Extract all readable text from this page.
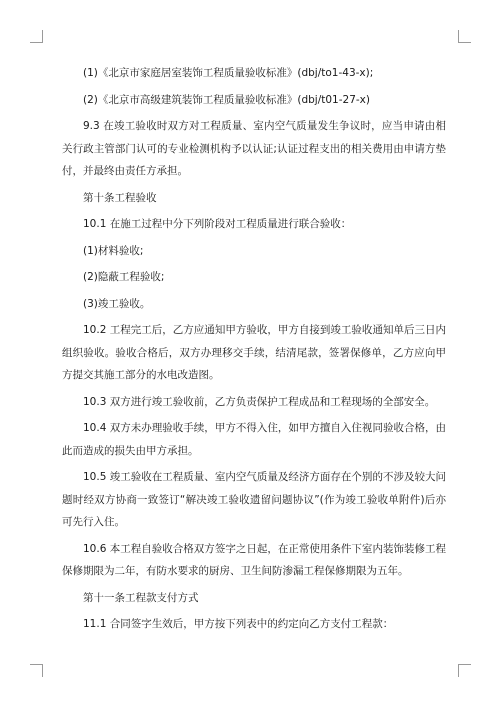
(1)《北京市家庭居室装饰工程质量验收标准》(dbj/to1-43-x);

(2)《北京市高级建筑装饰工程质量验收标准》(dbj/t01-27-x)

9.3 在竣工验收时双方对工程质量、室内空气质量发生争议时，应当申请由相关行政主管部门认可的专业检测机构予以认证;认证过程支出的相关费用由申请方垫付，并最终由责任方承担。

第十条工程验收

10.1 在施工过程中分下列阶段对工程质量进行联合验收：

(1)材料验收;

(2)隐蔽工程验收;

(3)竣工验收。

10.2 工程完工后，乙方应通知甲方验收，甲方自接到竣工验收通知单后三日内组织验收。验收合格后，双方办理移交手续，结清尾款，签署保修单，乙方应向甲方提交其施工部分的水电改造图。

10.3 双方进行竣工验收前，乙方负责保护工程成品和工程现场的全部安全。

10.4 双方未办理验收手续，甲方不得入住，如甲方擅自入住视同验收合格，由此而造成的损失由甲方承担。

10.5 竣工验收在工程质量、室内空气质量及经济方面存在个别的不涉及较大问题时经双方协商一致签订“解决竣工验收遗留问题协议”(作为竣工验收单附件)后亦可先行入住。

10.6 本工程自验收合格双方签字之日起，在正常使用条件下室内装饰装修工程保修期限为二年，有防水要求的厨房、卫生间防渗漏工程保修期限为五年。

第十一条工程款支付方式

11.1 合同签字生效后，甲方按下列表中的约定向乙方支付工程款：
